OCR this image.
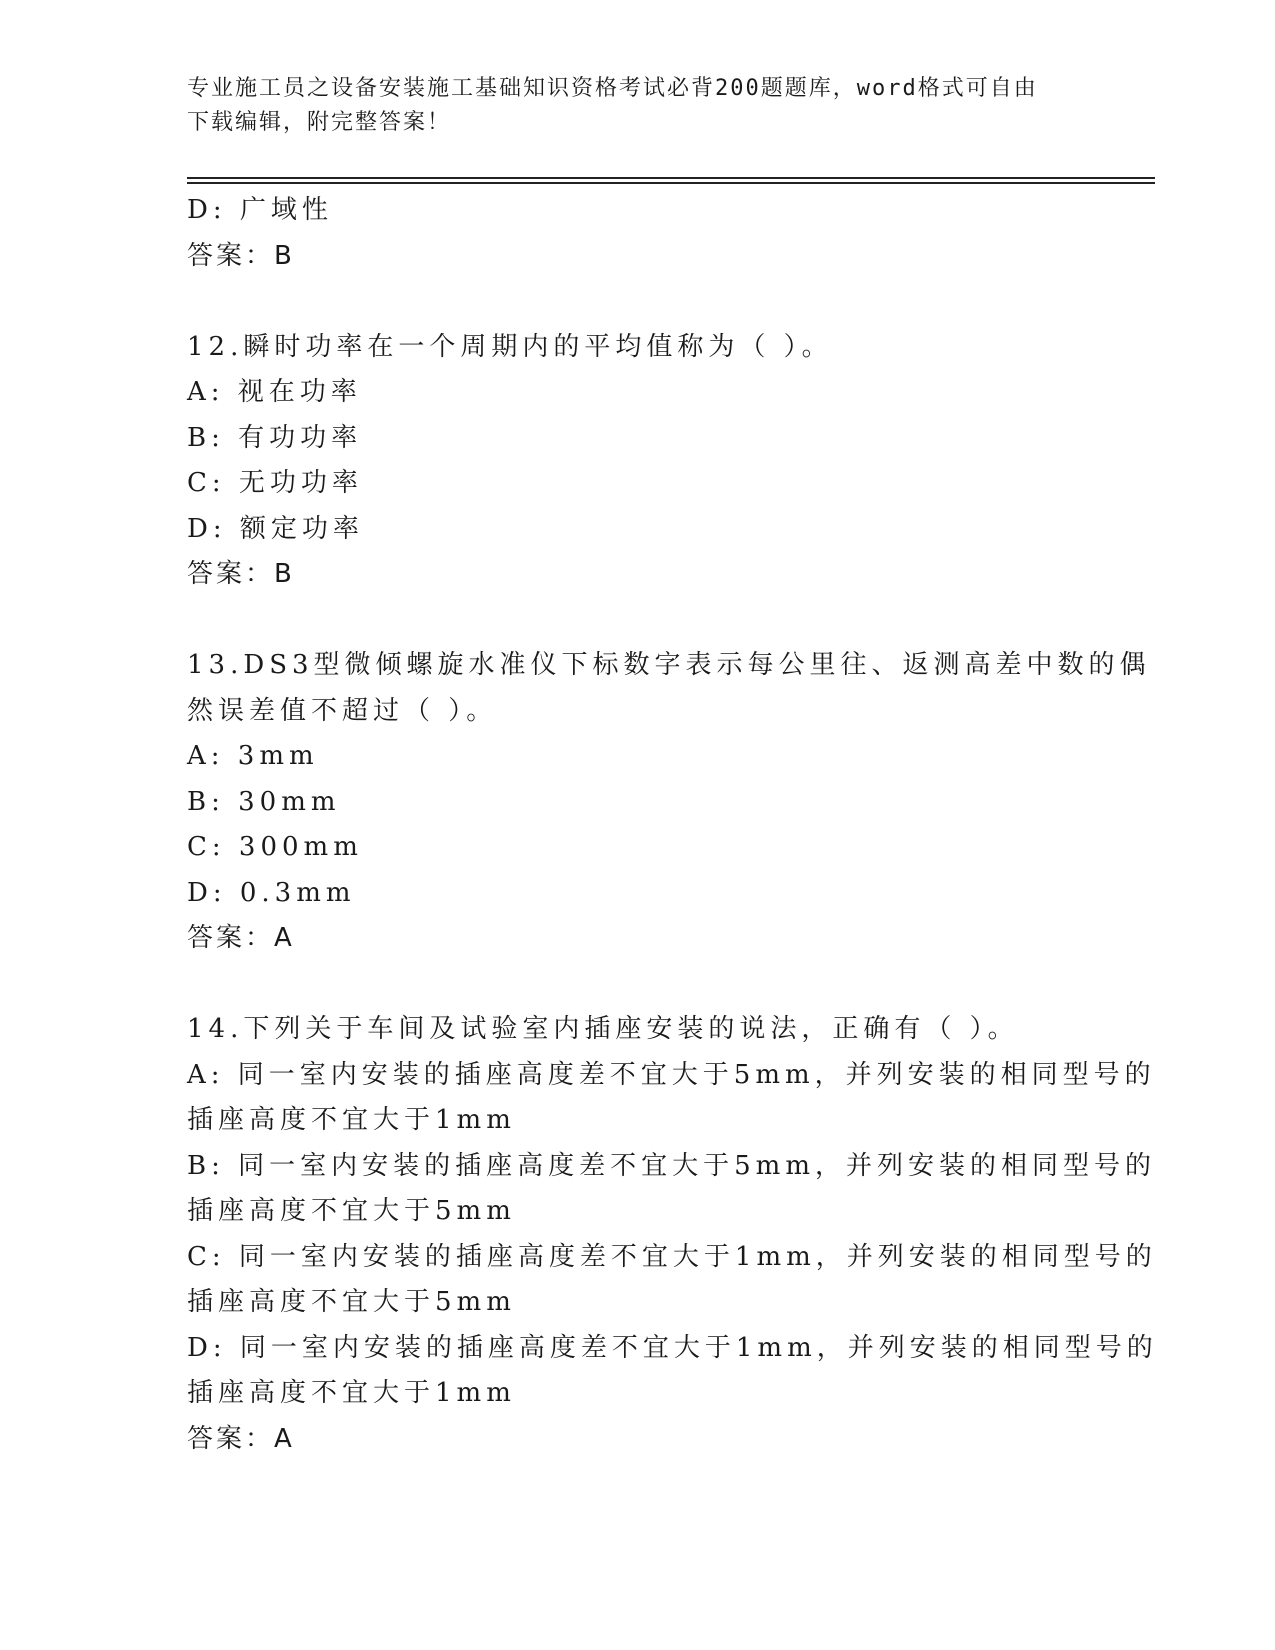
专业施工员之设备安装施工基础知识资格考试必背200题题库，word格式可自由
下载编辑，附完整答案！
D: 广域性
答案：B
12.瞬时功率在一个周期内的平均值称为（ ）。
A: 视在功率
B: 有功功率
C: 无功功率
D: 额定功率
答案：B
13.DS3型微倾螺旋水准仪下标数字表示每公里往、返测高差中数的偶
然误差值不超过（ ）。
A: 3mm
B: 30mm
C: 300mm
D: 0.3mm
答案：A
14.下列关于车间及试验室内插座安装的说法，正确有（ ）。
A: 同一室内安装的插座高度差不宜大于5mm，并列安装的相同型号的
插座高度不宜大于1mm
B: 同一室内安装的插座高度差不宜大于5mm，并列安装的相同型号的
插座高度不宜大于5mm
C: 同一室内安装的插座高度差不宜大于1mm，并列安装的相同型号的
插座高度不宜大于5mm
D: 同一室内安装的插座高度差不宜大于1mm，并列安装的相同型号的
插座高度不宜大于1mm
答案：A
